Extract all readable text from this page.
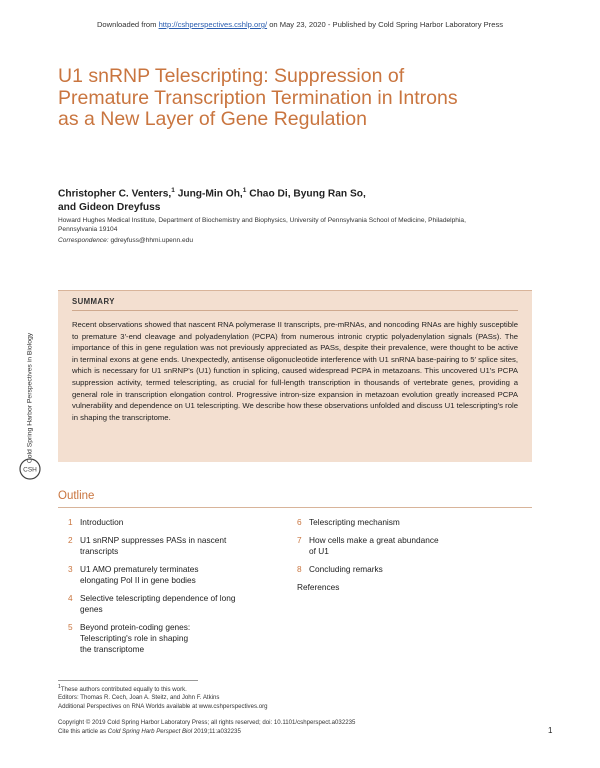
Downloaded from http://cshperspectives.cshlp.org/ on May 23, 2020 - Published by Cold Spring Harbor Laboratory Press
U1 snRNP Telescripting: Suppression of Premature Transcription Termination in Introns as a New Layer of Gene Regulation
Christopher C. Venters,$^1$ Jung-Min Oh,$^1$ Chao Di, Byung Ran So,
and Gideon Dreyfuss
Howard Hughes Medical Institute, Department of Biochemistry and Biophysics, University of Pennsylvania School of Medicine, Philadelphia, Pennsylvania 19104
Correspondence: gdreyfuss@hhmi.upenn.edu
Cold Spring Harbor Perspectives in Biology
CSH
SUMMARY

Recent observations showed that nascent RNA polymerase II transcripts, pre-mRNAs, and noncoding RNAs are highly susceptible to premature 3′-end cleavage and polyadenylation (PCPA) from numerous intronic cryptic polyadenylation signals (PASs). The importance of this in gene regulation was not previously appreciated as PASs, despite their prevalence, were thought to be active in terminal exons at gene ends. Unexpectedly, antisense oligonucleotide interference with U1 snRNA base-pairing to 5′ splice sites, which is necessary for U1 snRNP's (U1) function in splicing, caused widespread PCPA in metazoans. This uncovered U1's PCPA suppression activity, termed telescripting, as crucial for full-length transcription in thousands of vertebrate genes, providing a general role in transcription elongation control. Progressive intron-size expansion in metazoan evolution greatly increased PCPA vulnerability and dependence on U1 telescripting. We describe how these observations unfolded and discuss U1 telescripting's role in shaping the transcriptome.

Outline
1 Introduction
2 U1 snRNP suppresses PASs in nascent
transcripts
3 U1 AMO prematurely terminates
elongating Pol II in gene bodies
4 Selective telescripting dependence of long
genes
5 Beyond protein-coding genes:
Telescripting's role in shaping
the transcriptome
6 Telescripting mechanism
7 How cells make a great abundance
of U1
8 Concluding remarks
References
$^1$These authors contributed equally to this work.
Editors: Thomas R. Cech, Joan A. Steitz, and John F. Atkins
Additional Perspectives on RNA Worlds available at www.cshperspectives.org
Copyright © 2019 Cold Spring Harbor Laboratory Press; all rights reserved; doi: 10.1101/cshperspect.a032235
Cite this article as Cold Spring Harb Perspect Biol 2019;11:a032235	1
